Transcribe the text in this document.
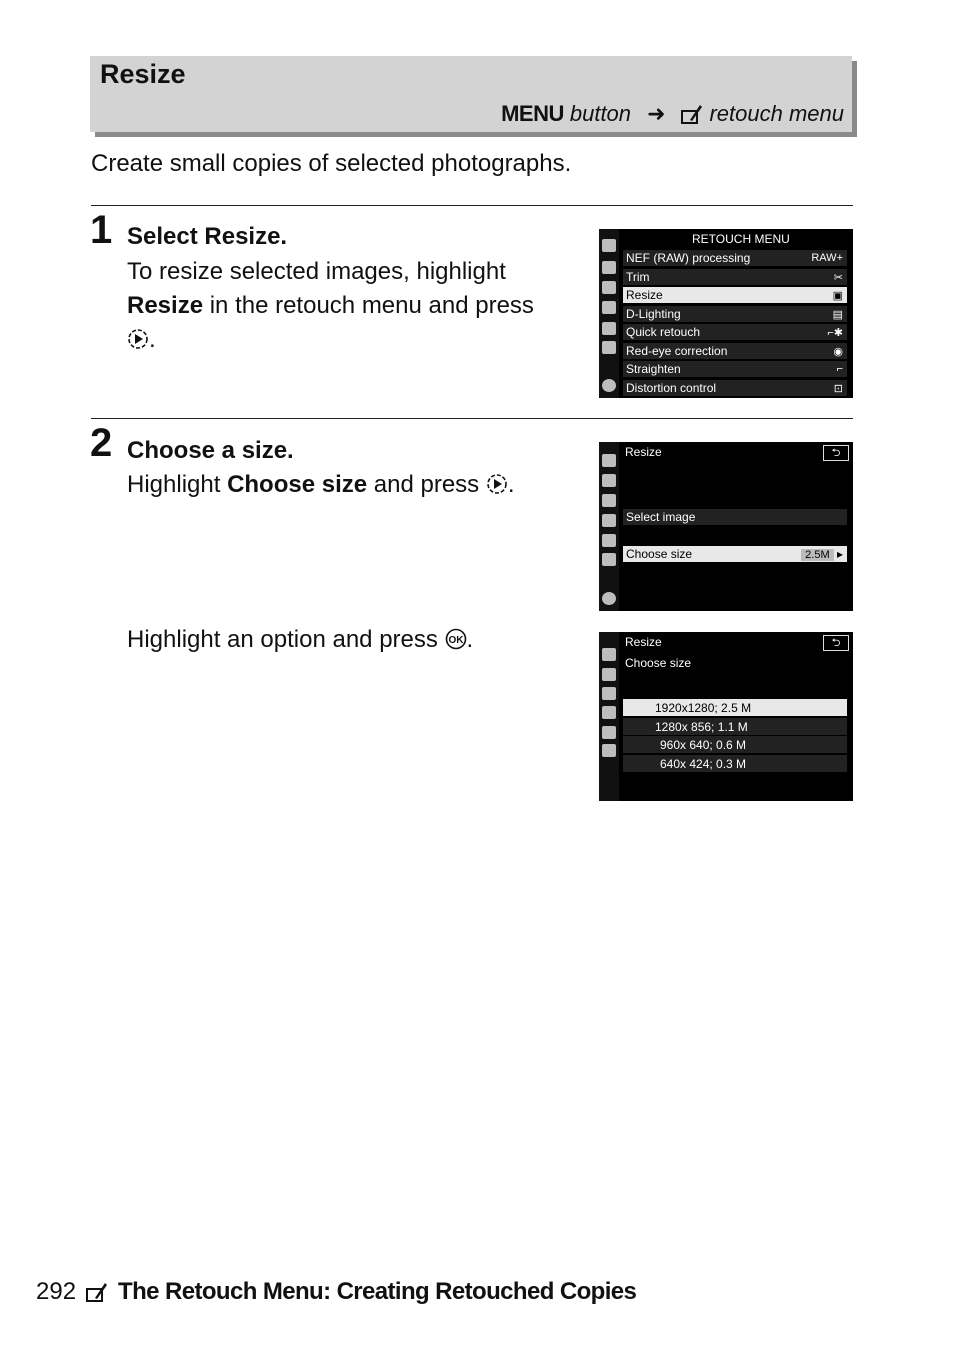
Resize
MENU button ➜ retouch menu
Create small copies of selected photographs.
1 Select Resize.
To resize selected images, highlight
Resize in the retouch menu and press
.
RETOUCH MENU
NEF (RAW) processing	RAW+
Trim	✂
Resize	▣
D-Lighting	▤
Quick retouch	⌐✱
Red-eye correction	◉
Straighten	⌐
Distortion control	⊡
2 Choose a size.
Highlight Choose size and press .
Resize	⮌
Select image
Choose size	2.5M ▸
Highlight an option and press OK .	Resize
Choose size
⮌
1920x1280; 2.5 M
1280x 856; 1.1 M
960x 640; 0.6 M
640x 424; 0.3 M
292 The Retouch Menu: Creating Retouched Copies
